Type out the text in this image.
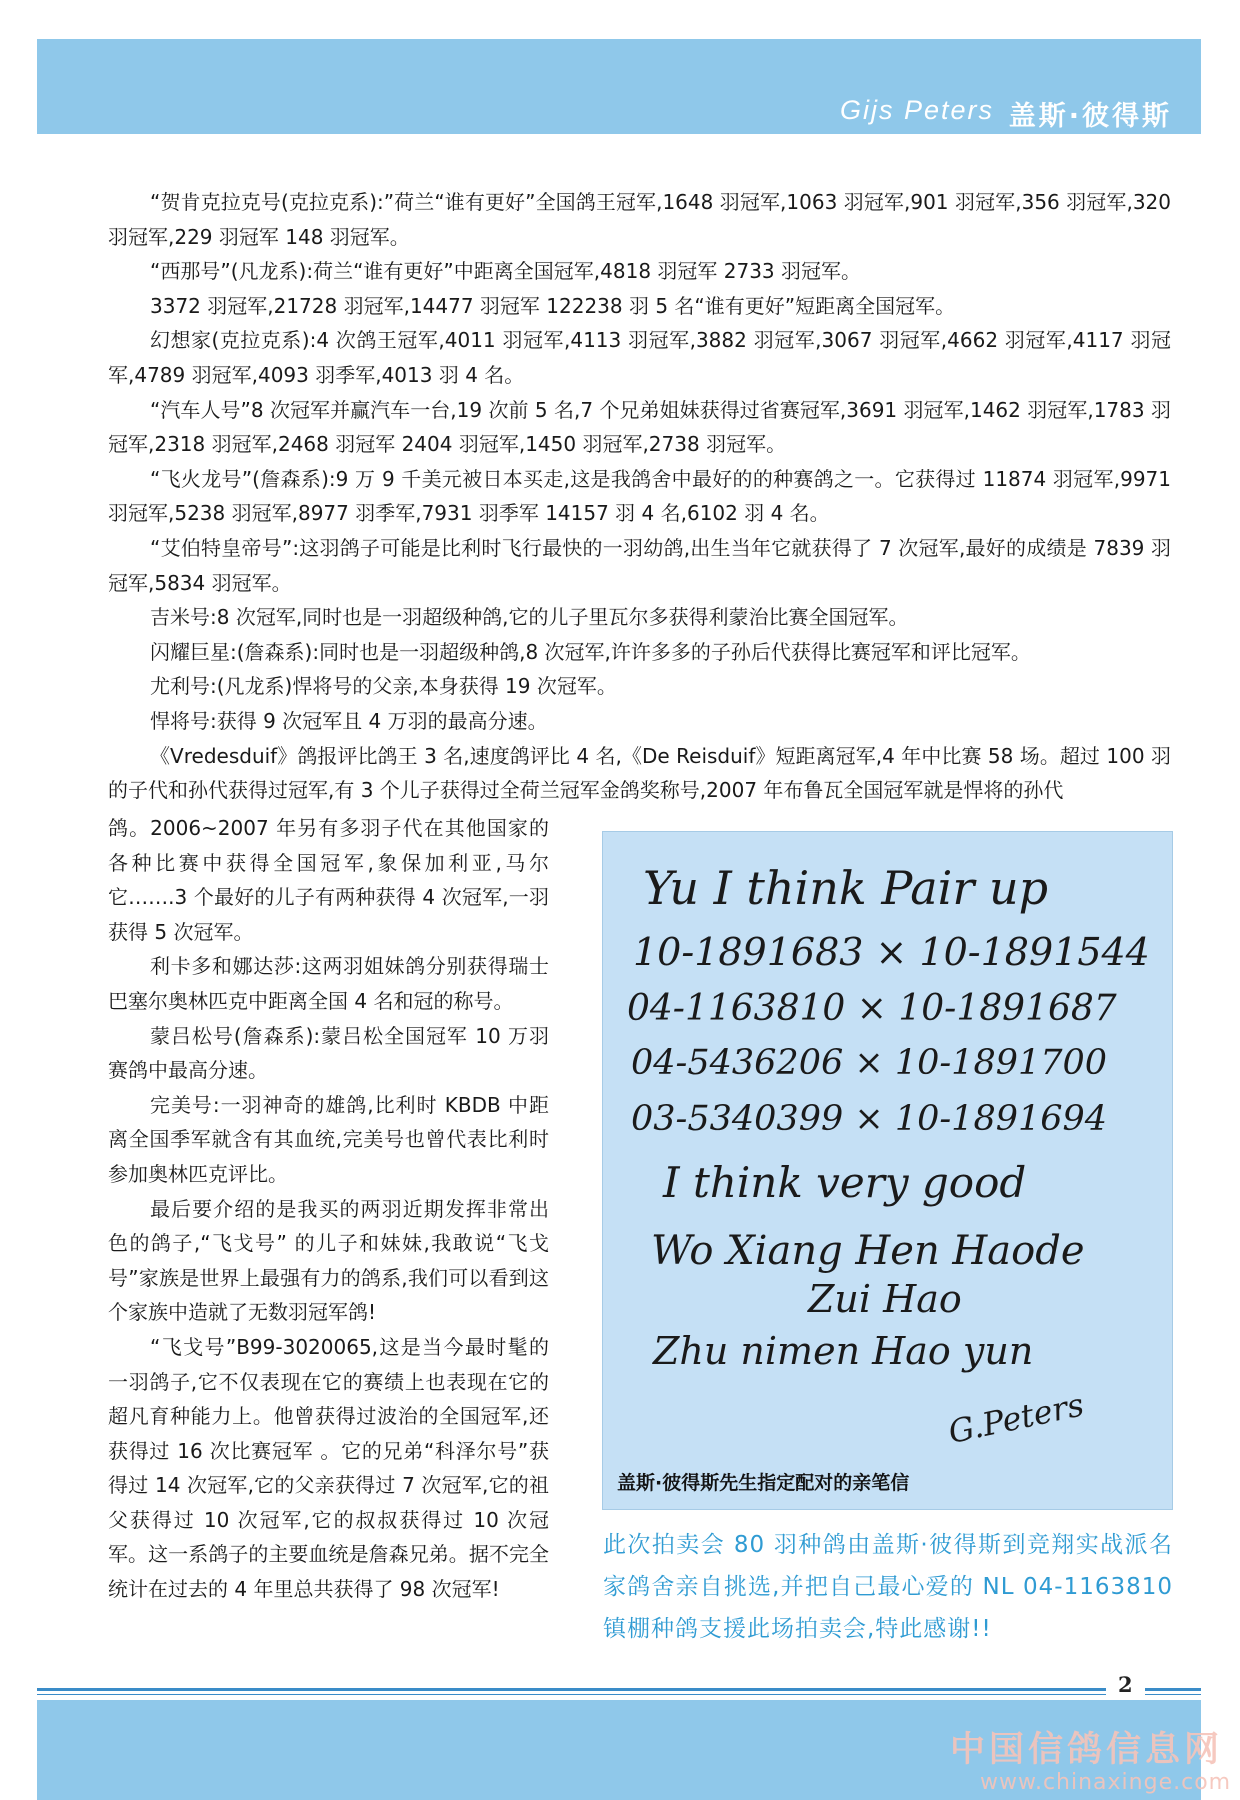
Gijs Peters 盖斯·彼得斯

“贺肯克拉克号(克拉克系):”荷兰“谁有更好”全国鸽王冠军,1648 羽冠军,1063 羽冠军,901 羽冠军,356 羽冠军,320 羽冠军,229 羽冠军 148 羽冠军。

“西那号”(凡龙系):荷兰“谁有更好”中距离全国冠军,4818 羽冠军 2733 羽冠军。

3372 羽冠军,21728 羽冠军,14477 羽冠军 122238 羽 5 名“谁有更好”短距离全国冠军。

幻想家(克拉克系):4 次鸽王冠军,4011 羽冠军,4113 羽冠军,3882 羽冠军,3067 羽冠军,4662 羽冠军,4117 羽冠军,4789 羽冠军,4093 羽季军,4013 羽 4 名。

“汽车人号”8 次冠军并赢汽车一台,19 次前 5 名,7 个兄弟姐妹获得过省赛冠军,3691 羽冠军,1462 羽冠军,1783 羽冠军,2318 羽冠军,2468 羽冠军 2404 羽冠军,1450 羽冠军,2738 羽冠军。

“飞火龙号”(詹森系):9 万 9 千美元被日本买走,这是我鸽舍中最好的的种赛鸽之一。它获得过 11874 羽冠军,9971 羽冠军,5238 羽冠军,8977 羽季军,7931 羽季军 14157 羽 4 名,6102 羽 4 名。

“艾伯特皇帝号”:这羽鸽子可能是比利时飞行最快的一羽幼鸽,出生当年它就获得了 7 次冠军,最好的成绩是 7839 羽冠军,5834 羽冠军。

吉米号:8 次冠军,同时也是一羽超级种鸽,它的儿子里瓦尔多获得利蒙治比赛全国冠军。

闪耀巨星:(詹森系):同时也是一羽超级种鸽,8 次冠军,许许多多的子孙后代获得比赛冠军和评比冠军。

尤利号:(凡龙系)悍将号的父亲,本身获得 19 次冠军。

悍将号:获得 9 次冠军且 4 万羽的最高分速。

《Vredesduif》鸽报评比鸽王 3 名,速度鸽评比 4 名,《De Reisduif》短距离冠军,4 年中比赛 58 场。超过 100 羽的子代和孙代获得过冠军,有 3 个儿子获得过全荷兰冠军金鸽奖称号,2007 年布鲁瓦全国冠军就是悍将的孙代

鸽。2006~2007 年另有多羽子代在其他国家的各种比赛中获得全国冠军,象保加利亚,马尔它…….3 个最好的儿子有两种获得 4 次冠军,一羽获得 5 次冠军。

利卡多和娜达莎:这两羽姐妹鸽分别获得瑞士巴塞尔奥林匹克中距离全国 4 名和冠的称号。

蒙吕松号(詹森系):蒙吕松全国冠军 10 万羽赛鸽中最高分速。

完美号:一羽神奇的雄鸽,比利时 KBDB 中距离全国季军就含有其血统,完美号也曾代表比利时参加奥林匹克评比。

最后要介绍的是我买的两羽近期发挥非常出色的鸽子,“飞戈号” 的儿子和妹妹,我敢说“飞戈号”家族是世界上最强有力的鸽系,我们可以看到这个家族中造就了无数羽冠军鸽!

“飞戈号”B99-3020065,这是当今最时髦的一羽鸽子,它不仅表现在它的赛绩上也表现在它的超凡育种能力上。他曾获得过波治的全国冠军,还获得过 16 次比赛冠军 。它的兄弟“科泽尔号”获得过 14 次冠军,它的父亲获得过 7 次冠军,它的祖父获得过 10 次冠军,它的叔叔获得过 10 次冠军。这一系鸽子的主要血统是詹森兄弟。据不完全统计在过去的 4 年里总共获得了 98 次冠军!

Yu I think Pair up
10-1891683 × 10-1891544
04-1163810 × 10-1891687
04-5436206 × 10-1891700
03-5340399 × 10-1891694
I think very good
Wo Xiang Hen Haode
Zui Hao
Zhu nimen Hao yun
G.Peters
盖斯·彼得斯先生指定配对的亲笔信
此次拍卖会 80 羽种鸽由盖斯·彼得斯到竞翔实战派名家鸽舍亲自挑选,并把自己最心爱的 NL 04-1163810 镇棚种鸽支援此场拍卖会,特此感谢!!
2
中国信鸽信息网
www.chinaxinge.com
